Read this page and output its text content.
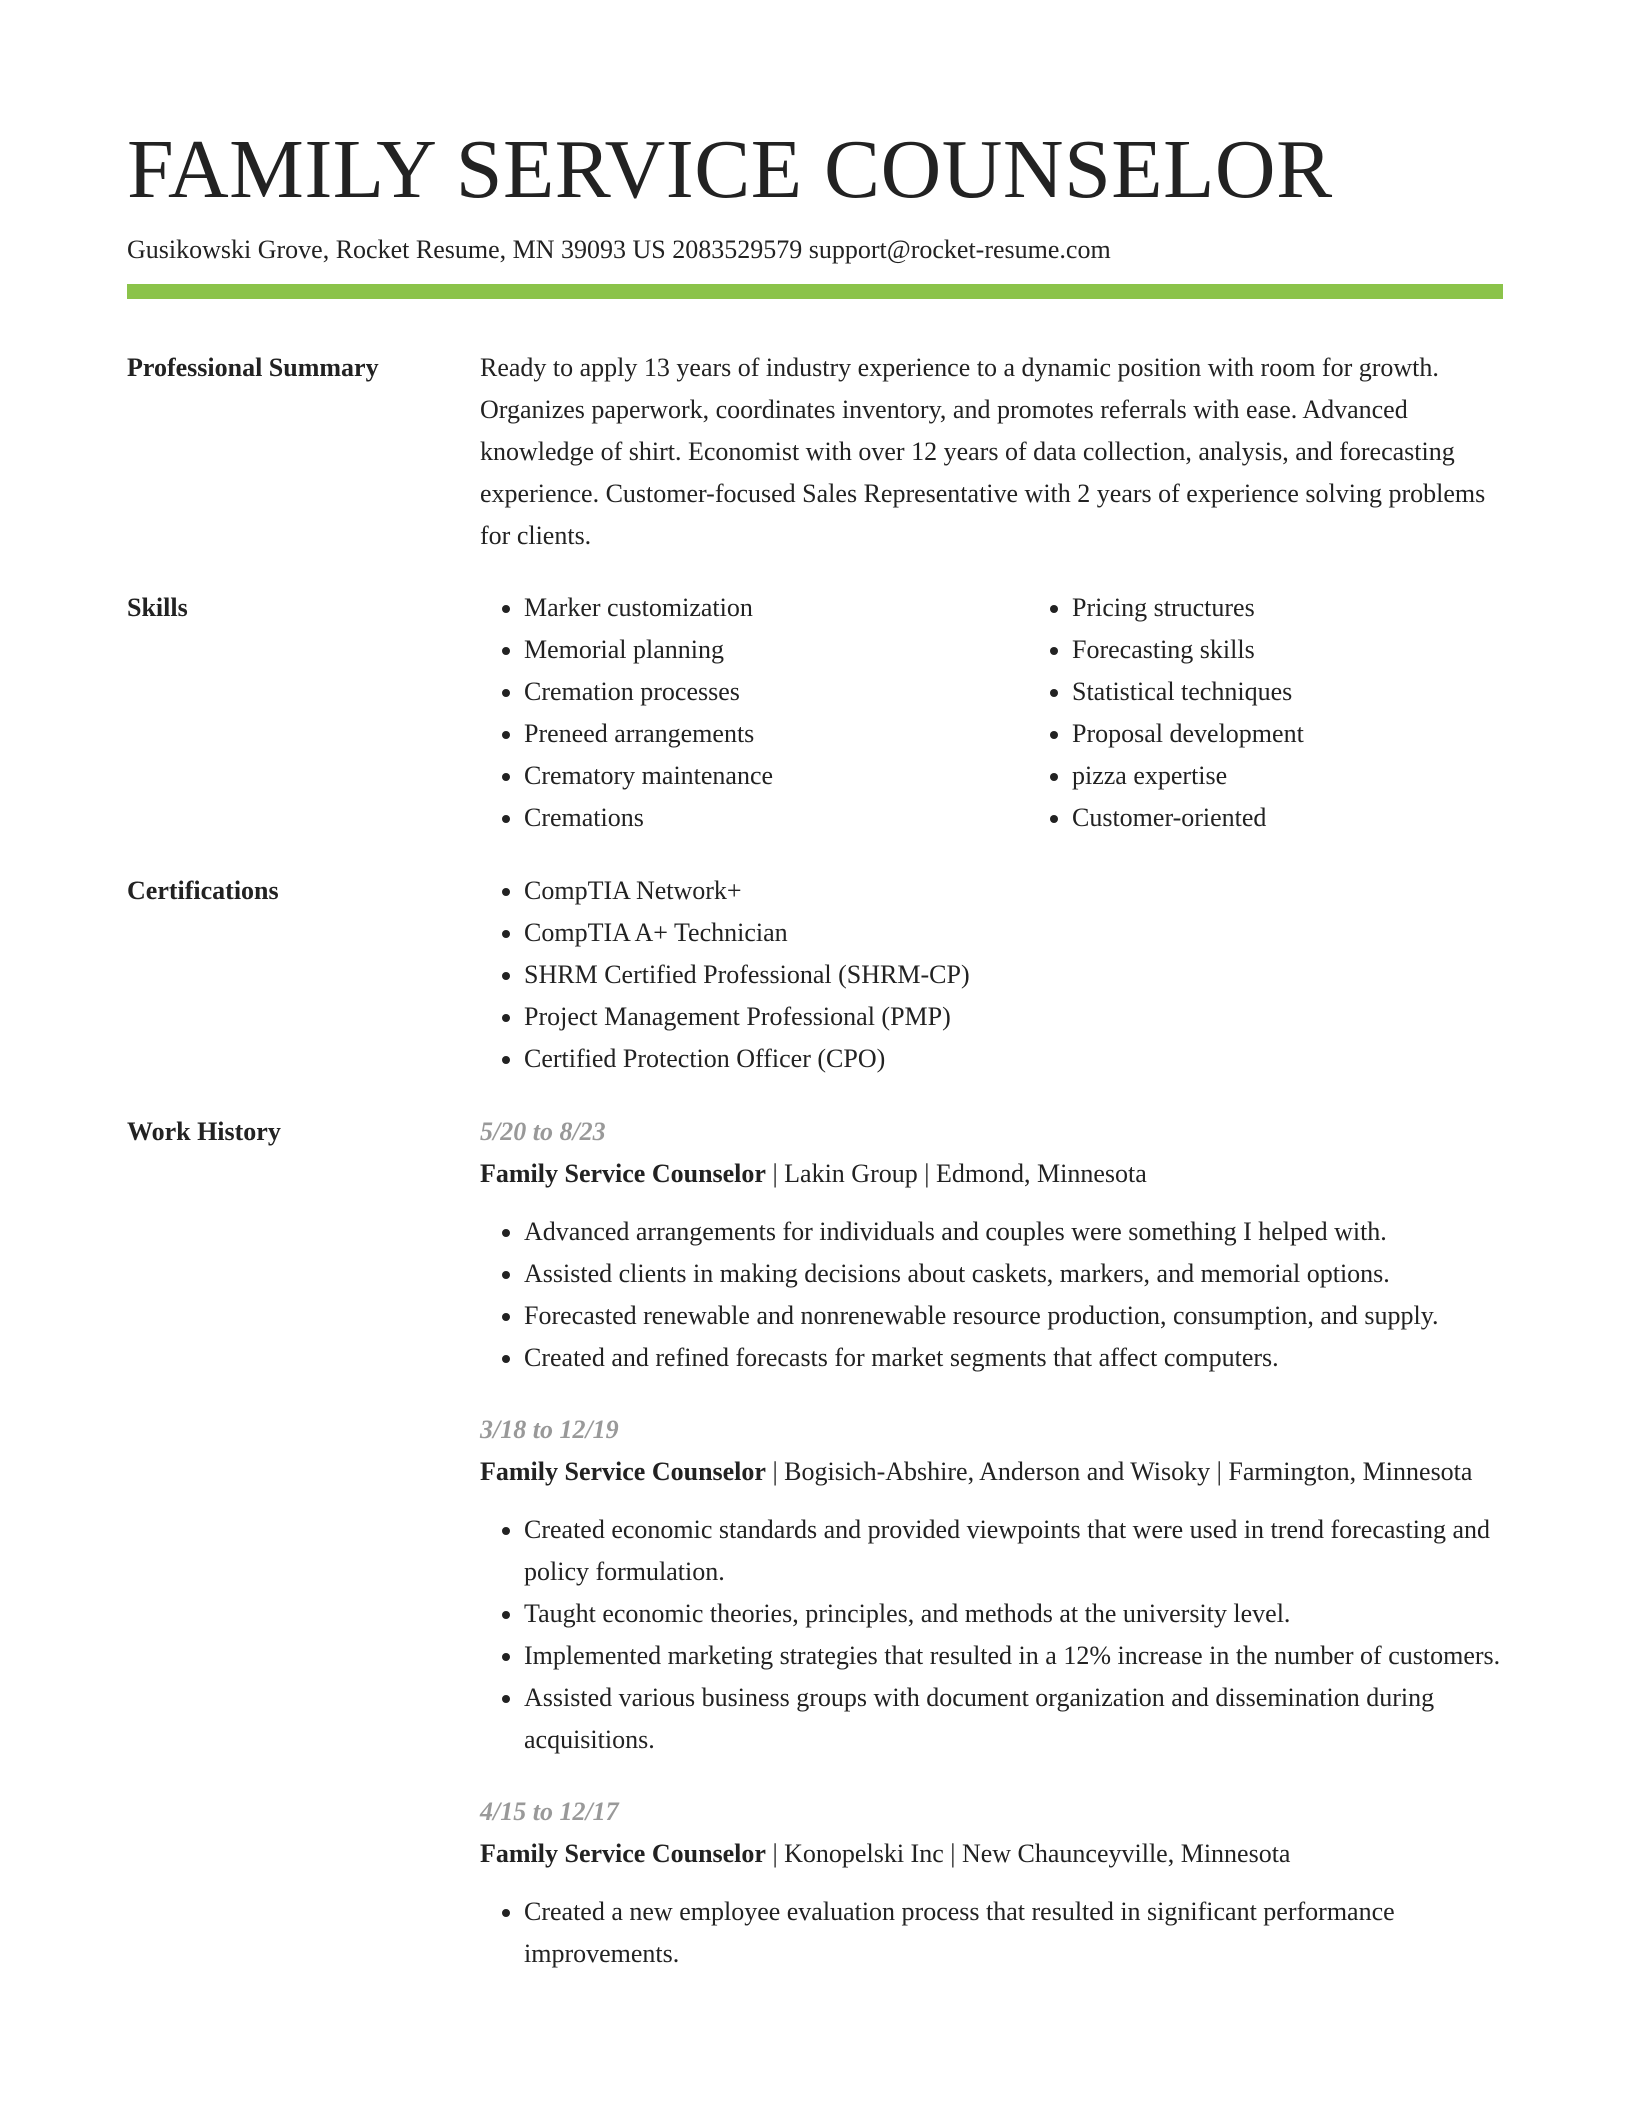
FAMILY SERVICE COUNSELOR
Gusikowski Grove, Rocket Resume, MN 39093 US 2083529579 support@rocket-resume.com
Professional Summary	Ready to apply 13 years of industry experience to a dynamic position with room for growth. Organizes paperwork, coordinates inventory, and promotes referrals with ease. Advanced knowledge of shirt. Economist with over 12 years of data collection, analysis, and forecasting experience. Customer-focused Sales Representative with 2 years of experience solving problems for clients.

Skills	• Marker customization
• Memorial planning
• Cremation processes
• Preneed arrangements
• Crematory maintenance
• Cremations
• Pricing structures
• Forecasting skills
• Statistical techniques
• Proposal development
• pizza expertise
• Customer-oriented
Certifications	• CompTIA Network+
• CompTIA A+ Technician
• SHRM Certified Professional (SHRM-CP)
• Project Management Professional (PMP)
• Certified Protection Officer (CPO)
Work History	5/20 to 8/23
Family Service Counselor | Lakin Group | Edmond, Minnesota
• Advanced arrangements for individuals and couples were something I helped with.
• Assisted clients in making decisions about caskets, markers, and memorial options.
• Forecasted renewable and nonrenewable resource production, consumption, and supply.
• Created and refined forecasts for market segments that affect computers.
3/18 to 12/19
Family Service Counselor | Bogisich-Abshire, Anderson and Wisoky | Farmington, Minnesota
• Created economic standards and provided viewpoints that were used in trend forecasting and policy formulation.
• Taught economic theories, principles, and methods at the university level.
• Implemented marketing strategies that resulted in a 12% increase in the number of customers.
• Assisted various business groups with document organization and dissemination during acquisitions.
4/15 to 12/17
Family Service Counselor | Konopelski Inc | New Chaunceyville, Minnesota
• Created a new employee evaluation process that resulted in significant performance improvements.
